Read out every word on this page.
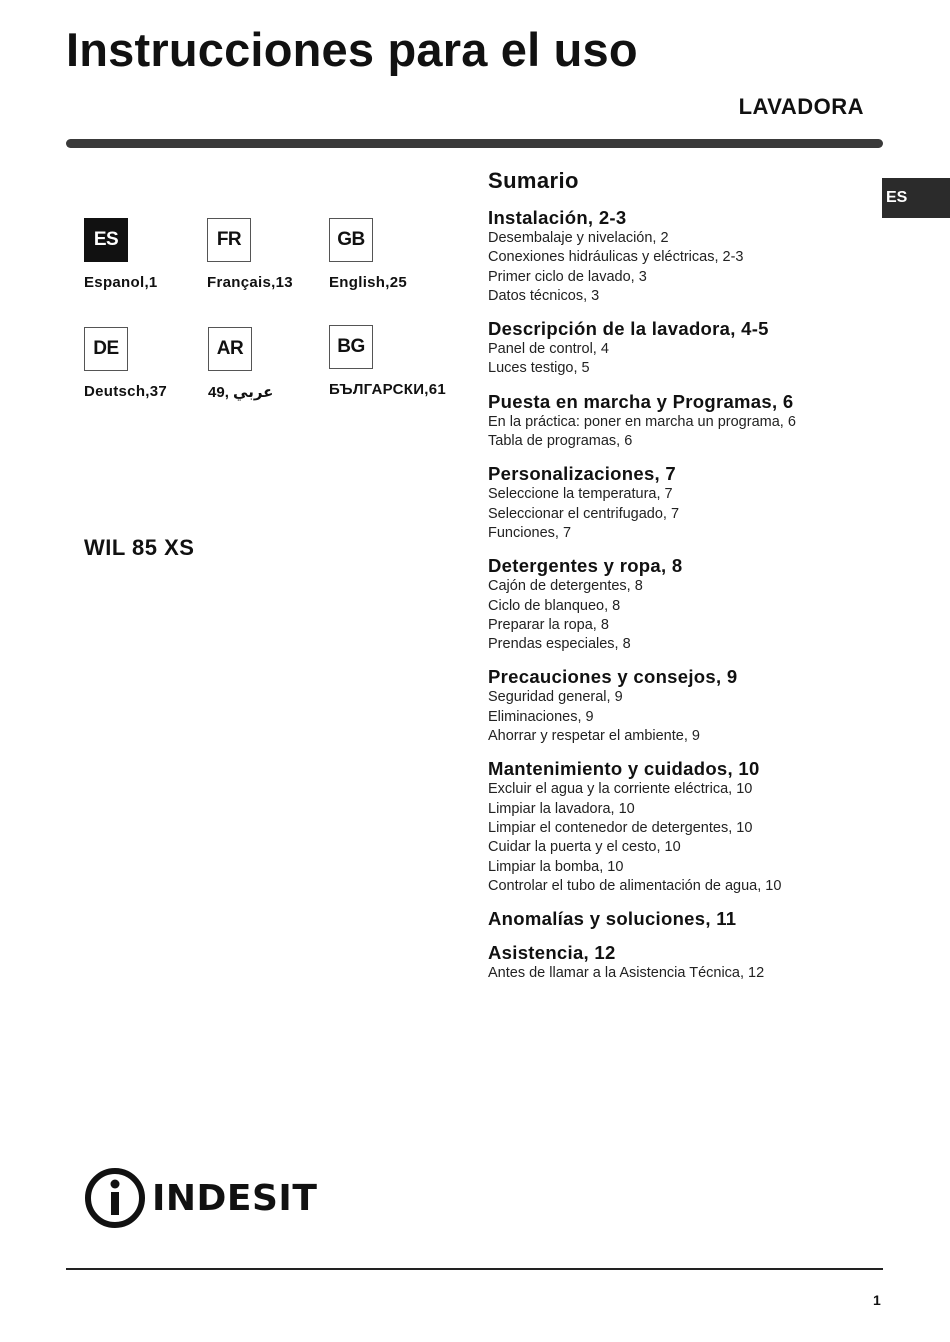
Instrucciones para el uso
LAVADORA
ES
ES
Espanol,1
FR
Français,13
GB
English,25
DE
Deutsch,37
AR
عربي ,49
BG
БЪЛГАРСКИ,61
WIL 85 XS
Sumario
Instalación, 2-3
Desembalaje y nivelación, 2
Conexiones hidráulicas y eléctricas, 2-3
Primer ciclo de lavado, 3
Datos técnicos, 3
Descripción de la lavadora, 4-5
Panel de control, 4
Luces testigo, 5
Puesta en marcha y Programas, 6
En la práctica: poner en marcha un programa, 6
Tabla de programas, 6
Personalizaciones, 7
Seleccione la temperatura, 7
Seleccionar el centrifugado, 7
Funciones, 7
Detergentes y ropa, 8
Cajón de detergentes, 8
Ciclo de blanqueo, 8
Preparar la ropa, 8
Prendas especiales, 8
Precauciones y consejos, 9
Seguridad general, 9
Eliminaciones, 9
Ahorrar y respetar el ambiente, 9
Mantenimiento y cuidados, 10
Excluir el agua y la corriente eléctrica, 10
Limpiar la lavadora, 10
Limpiar el contenedor de detergentes, 10
Cuidar la puerta y el cesto, 10
Limpiar la bomba, 10
Controlar el tubo de alimentación de agua, 10
Anomalías y soluciones, 11
Asistencia, 12
Antes de llamar a la Asistencia Técnica, 12
INDESIT
1
